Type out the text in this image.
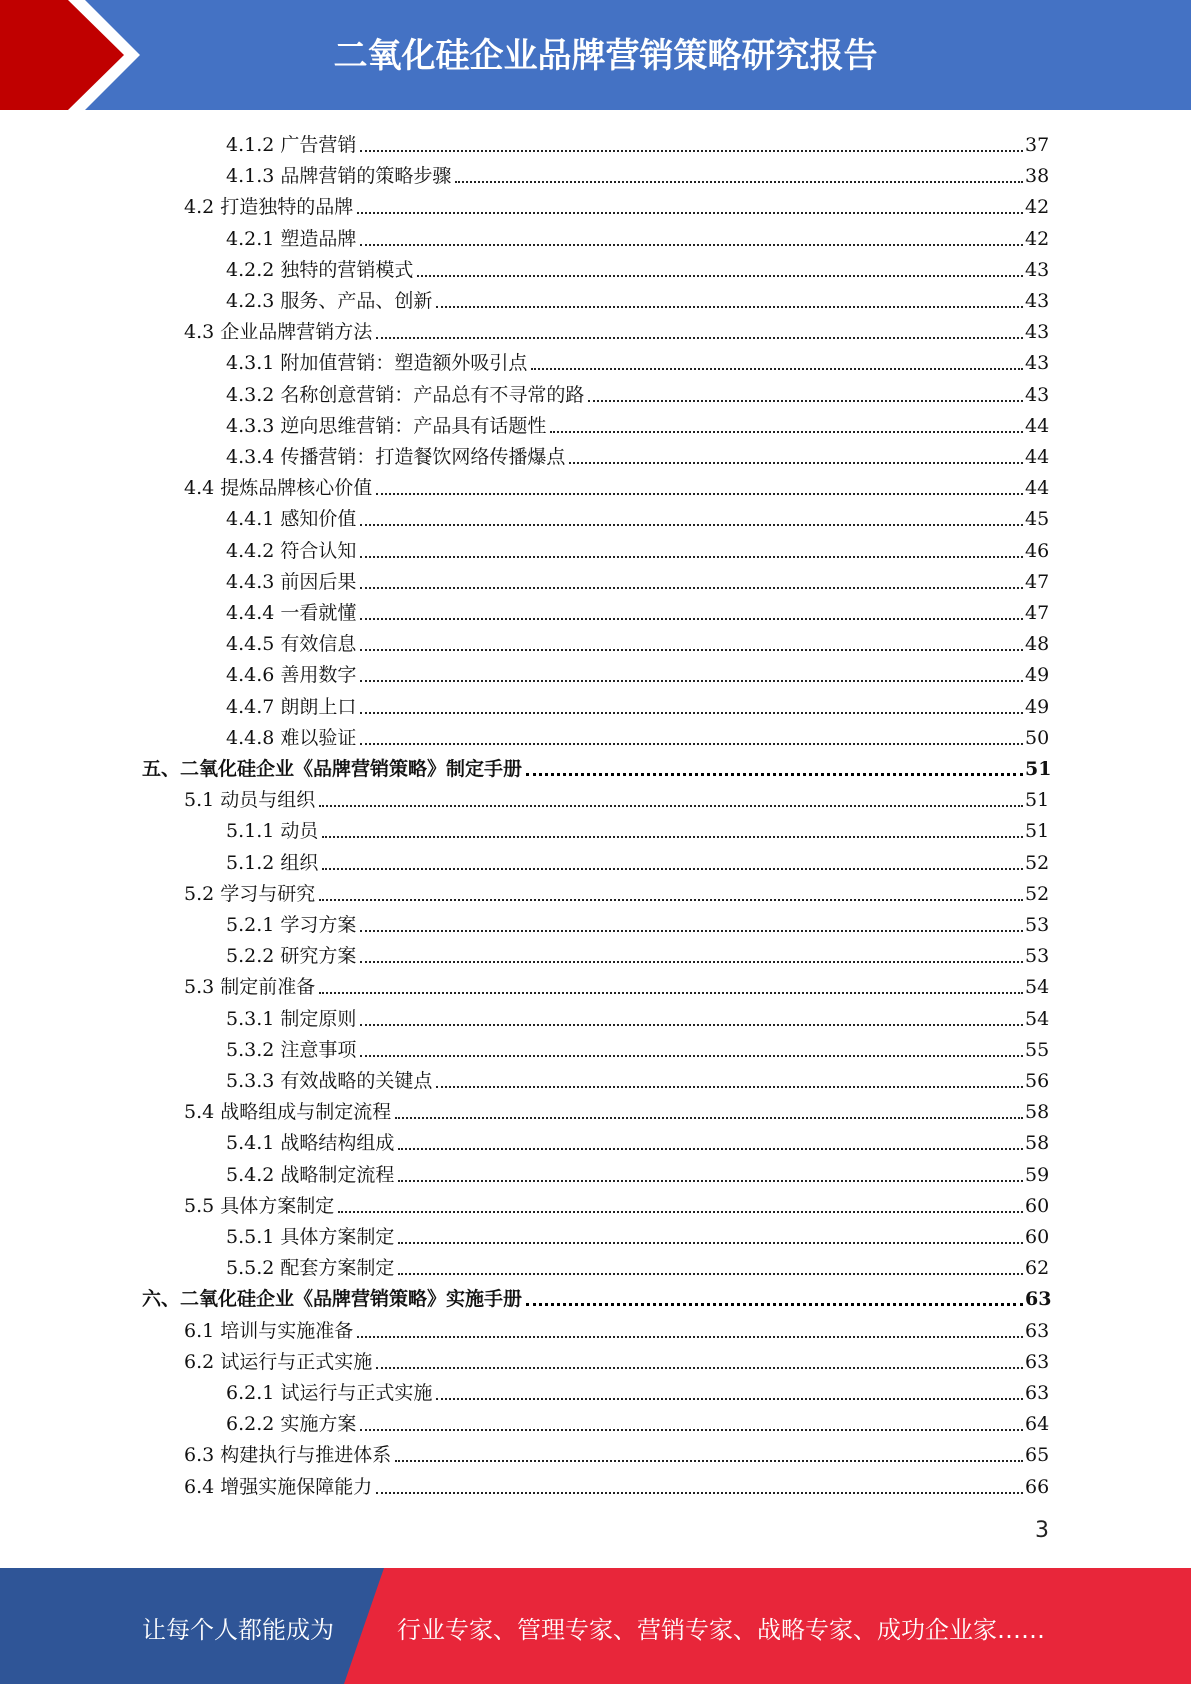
二氧化硅企业品牌营销策略研究报告
4.1.2 广告营销	37
4.1.3 品牌营销的策略步骤	38
4.2 打造独特的品牌	42
4.2.1 塑造品牌	42
4.2.2 独特的营销模式	43
4.2.3 服务、产品、创新	43
4.3 企业品牌营销方法	43
4.3.1 附加值营销：塑造额外吸引点	43
4.3.2 名称创意营销：产品总有不寻常的路	43
4.3.3 逆向思维营销：产品具有话题性	44
4.3.4 传播营销：打造餐饮网络传播爆点	44
4.4 提炼品牌核心价值	44
4.4.1 感知价值	45
4.4.2 符合认知	46
4.4.3 前因后果	47
4.4.4 一看就懂	47
4.4.5 有效信息	48
4.4.6 善用数字	49
4.4.7 朗朗上口	49
4.4.8 难以验证	50
五、二氧化硅企业《品牌营销策略》制定手册	51
5.1 动员与组织	51
5.1.1 动员	51
5.1.2 组织	52
5.2 学习与研究	52
5.2.1 学习方案	53
5.2.2 研究方案	53
5.3 制定前准备	54
5.3.1 制定原则	54
5.3.2 注意事项	55
5.3.3 有效战略的关键点	56
5.4 战略组成与制定流程	58
5.4.1 战略结构组成	58
5.4.2 战略制定流程	59
5.5 具体方案制定	60
5.5.1 具体方案制定	60
5.5.2 配套方案制定	62
六、二氧化硅企业《品牌营销策略》实施手册	63
6.1 培训与实施准备	63
6.2 试运行与正式实施	63
6.2.1 试运行与正式实施	63
6.2.2 实施方案	64
6.3 构建执行与推进体系	65
6.4 增强实施保障能力	66
3
让每个人都能成为	行业专家、管理专家、营销专家、战略专家、成功企业家……
